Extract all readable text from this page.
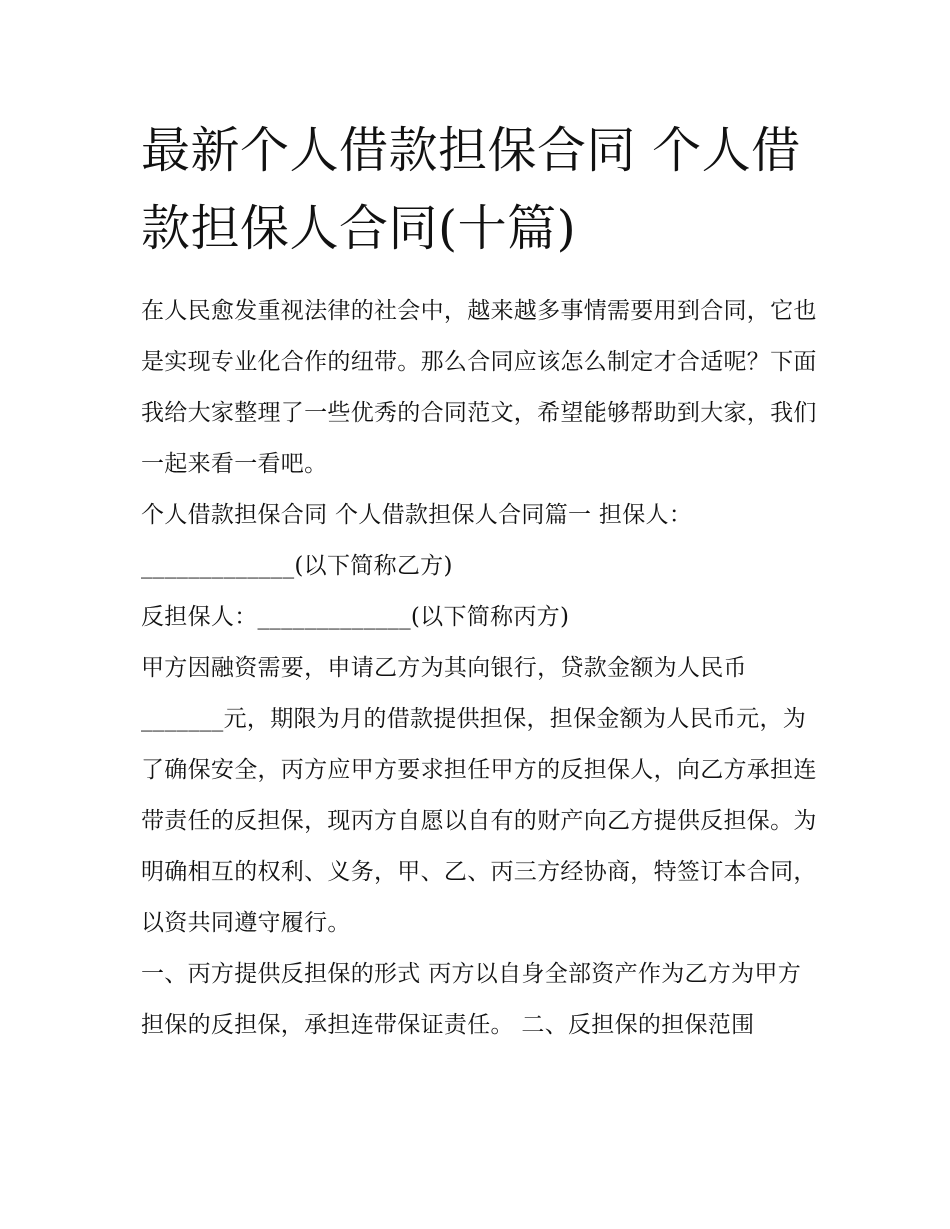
最新个人借款担保合同 个人借款担保人合同(十篇)

在人民愈发重视法律的社会中，越来越多事情需要用到合同，它也是实现专业化合作的纽带。那么合同应该怎么制定才合适呢？下面我给大家整理了一些优秀的合同范文，希望能够帮助到大家，我们一起来看一看吧。

个人借款担保合同 个人借款担保人合同篇一 担保人：

_____________(以下简称乙方)

反担保人：_____________(以下简称丙方)

甲方因融资需要，申请乙方为其向银行，贷款金额为人民币_______元，期限为月的借款提供担保，担保金额为人民币元，为了确保安全，丙方应甲方要求担任甲方的反担保人，向乙方承担连带责任的反担保，现丙方自愿以自有的财产向乙方提供反担保。为明确相互的权利、义务，甲、乙、丙三方经协商，特签订本合同，以资共同遵守履行。

一、丙方提供反担保的形式 丙方以自身全部资产作为乙方为甲方担保的反担保，承担连带保证责任。 二、反担保的担保范围
